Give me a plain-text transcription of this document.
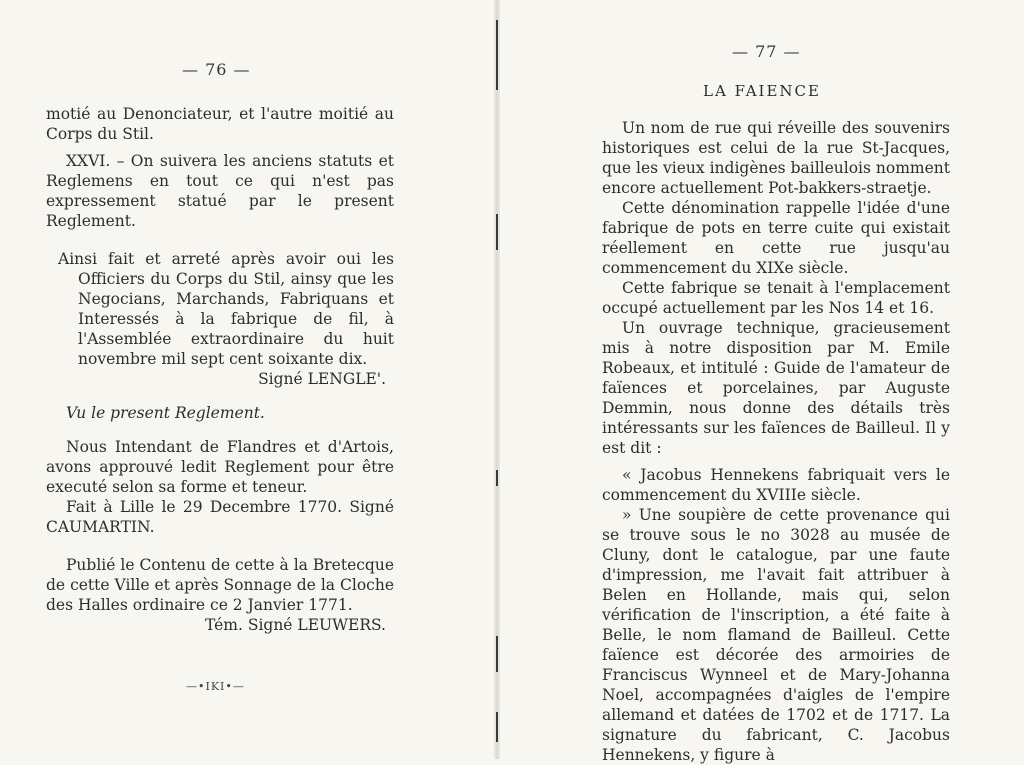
— 76 —

motié au Denonciateur, et l'autre moitié au Corps du Stil.

XXVI. – On suivera les anciens statuts et Reglemens en tout ce qui n'est pas expressement statué par le present Reglement.

Ainsi fait et arreté après avoir oui les Officiers du Corps du Stil, ainsy que les Negocians, Marchands, Fabriquans et Interessés à la fabrique de fil, à l'Assemblée extraordinaire du huit novembre mil sept cent soixante dix.

Signé LENGLE'.

Vu le present Reglement.

Nous Intendant de Flandres et d'Artois, avons approuvé ledit Reglement pour être executé selon sa forme et teneur.

Fait à Lille le 29 Decembre 1770. Signé CAUMARTIN.

Publié le Contenu de cette à la Bretecque de cette Ville et après Sonnage de la Cloche des Halles ordinaire ce 2 Janvier 1771.

Tém. Signé LEUWERS.

—•IKI•—
— 77 —
LA FAIENCE

Un nom de rue qui réveille des souvenirs historiques est celui de la rue St-Jacques, que les vieux indigènes bailleulois nomment encore actuellement Pot-bakkers-straetje.

Cette dénomination rappelle l'idée d'une fabrique de pots en terre cuite qui existait réellement en cette rue jusqu'au commencement du XIXe siècle.

Cette fabrique se tenait à l'emplacement occupé actuellement par les Nos 14 et 16.

Un ouvrage technique, gracieusement mis à notre disposition par M. Emile Robeaux, et intitulé : Guide de l'amateur de faïences et porcelaines, par Auguste Demmin, nous donne des détails très intéressants sur les faïences de Bailleul. Il y est dit :

« Jacobus Hennekens fabriquait vers le commencement du XVIIIe siècle.

» Une soupière de cette provenance qui se trouve sous le no 3028 au musée de Cluny, dont le catalogue, par une faute d'impression, me l'avait fait attribuer à Belen en Hollande, mais qui, selon vérification de l'inscription, a été faite à Belle, le nom flamand de Bailleul. Cette faïence est décorée des armoiries de Franciscus Wynneel et de Mary-Johanna Noel, accompagnées d'aigles de l'empire allemand et datées de 1702 et de 1717. La signature du fabricant, C. Jacobus Hennekens, y figure à
